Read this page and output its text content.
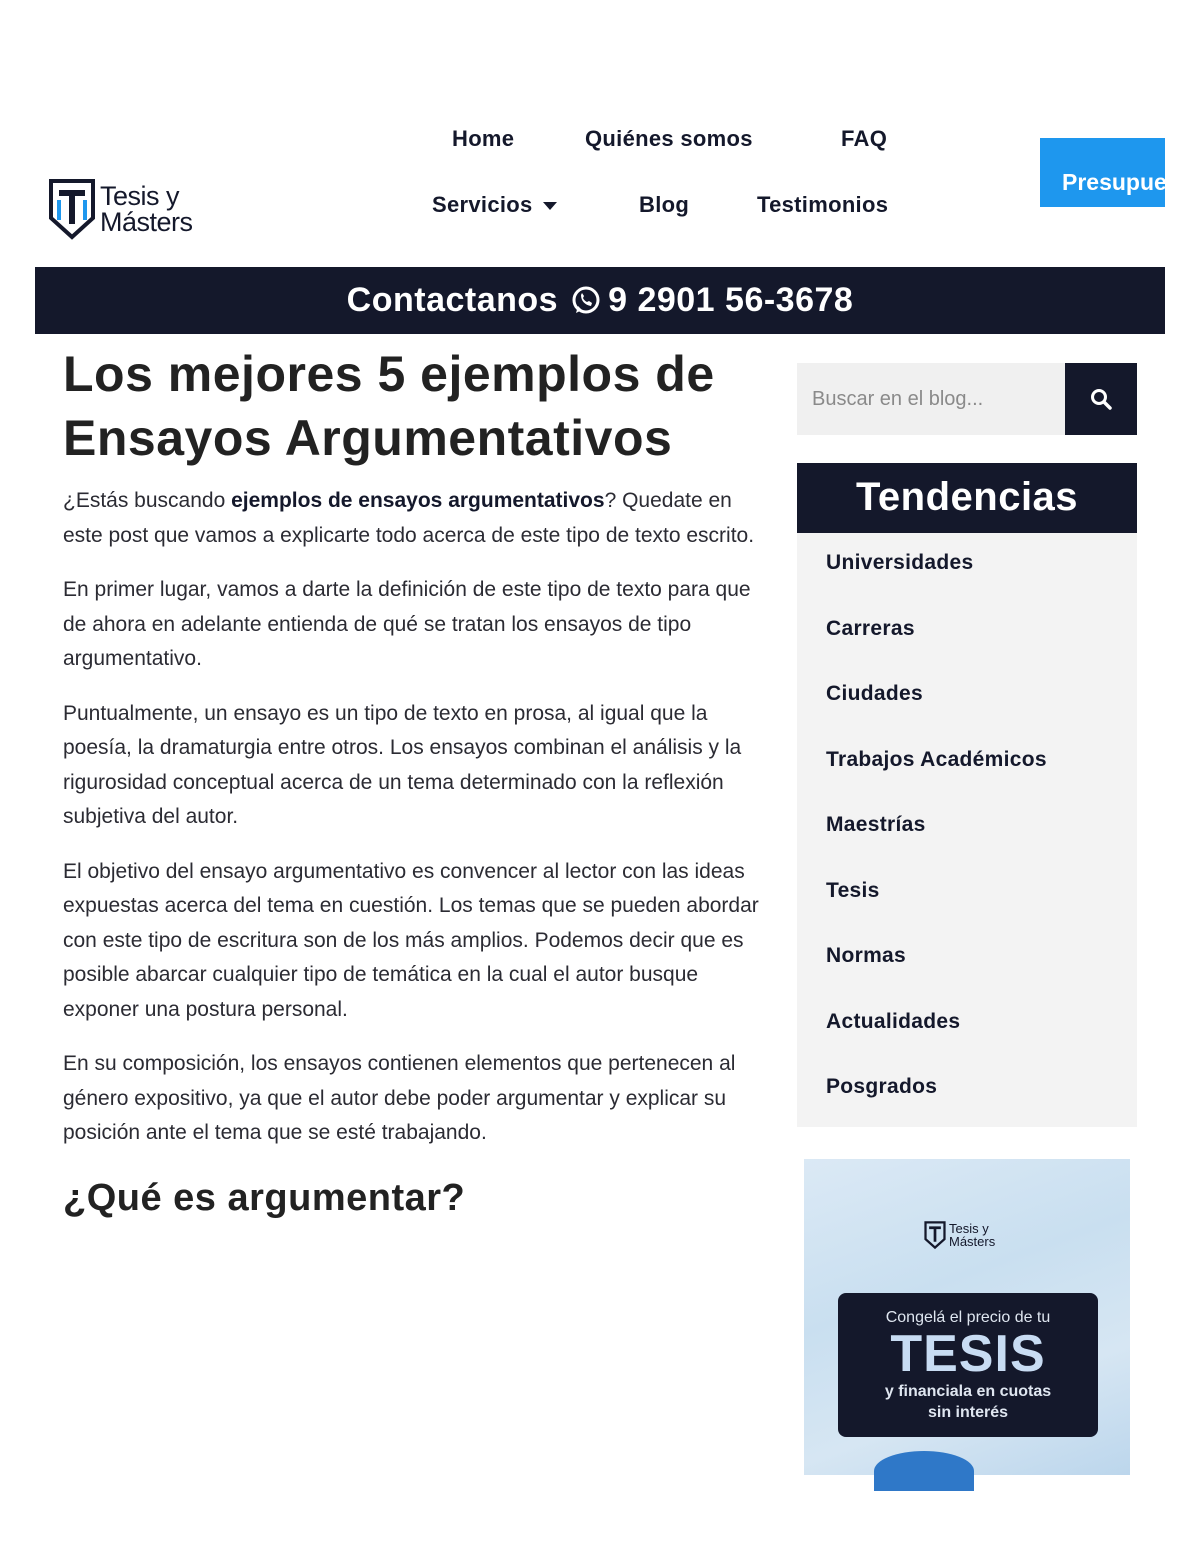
Tesis y
Másters
Home	Quiénes somos	FAQ
Servicios	Blog	Testimonios
Presupuesto
Contactanos 9 2901 56-3678
Los mejores 5 ejemplos de Ensayos Argumentativos

¿Estás buscando ejemplos de ensayos argumentativos? Quedate en este post que vamos a explicarte todo acerca de este tipo de texto escrito.

En primer lugar, vamos a darte la definición de este tipo de texto para que de ahora en adelante entienda de qué se tratan los ensayos de tipo argumentativo.

Puntualmente, un ensayo es un tipo de texto en prosa, al igual que la poesía, la dramaturgia entre otros. Los ensayos combinan el análisis y la rigurosidad conceptual acerca de un tema determinado con la reflexión subjetiva del autor.

El objetivo del ensayo argumentativo es convencer al lector con las ideas expuestas acerca del tema en cuestión. Los temas que se pueden abordar con este tipo de escritura son de los más amplios. Podemos decir que es posible abarcar cualquier tipo de temática en la cual el autor busque exponer una postura personal.

En su composición, los ensayos contienen elementos que pertenecen al género expositivo, ya que el autor debe poder argumentar y explicar su posición ante el tema que se esté trabajando.

¿Qué es argumentar?
Buscar en el blog...
Tendencias
Universidades
Carreras
Ciudades
Trabajos Académicos
Maestrías
Tesis
Normas
Actualidades
Posgrados
Tesis y
Másters
Congelá el precio de tu
TESIS
y financiala en cuotas
sin interés
